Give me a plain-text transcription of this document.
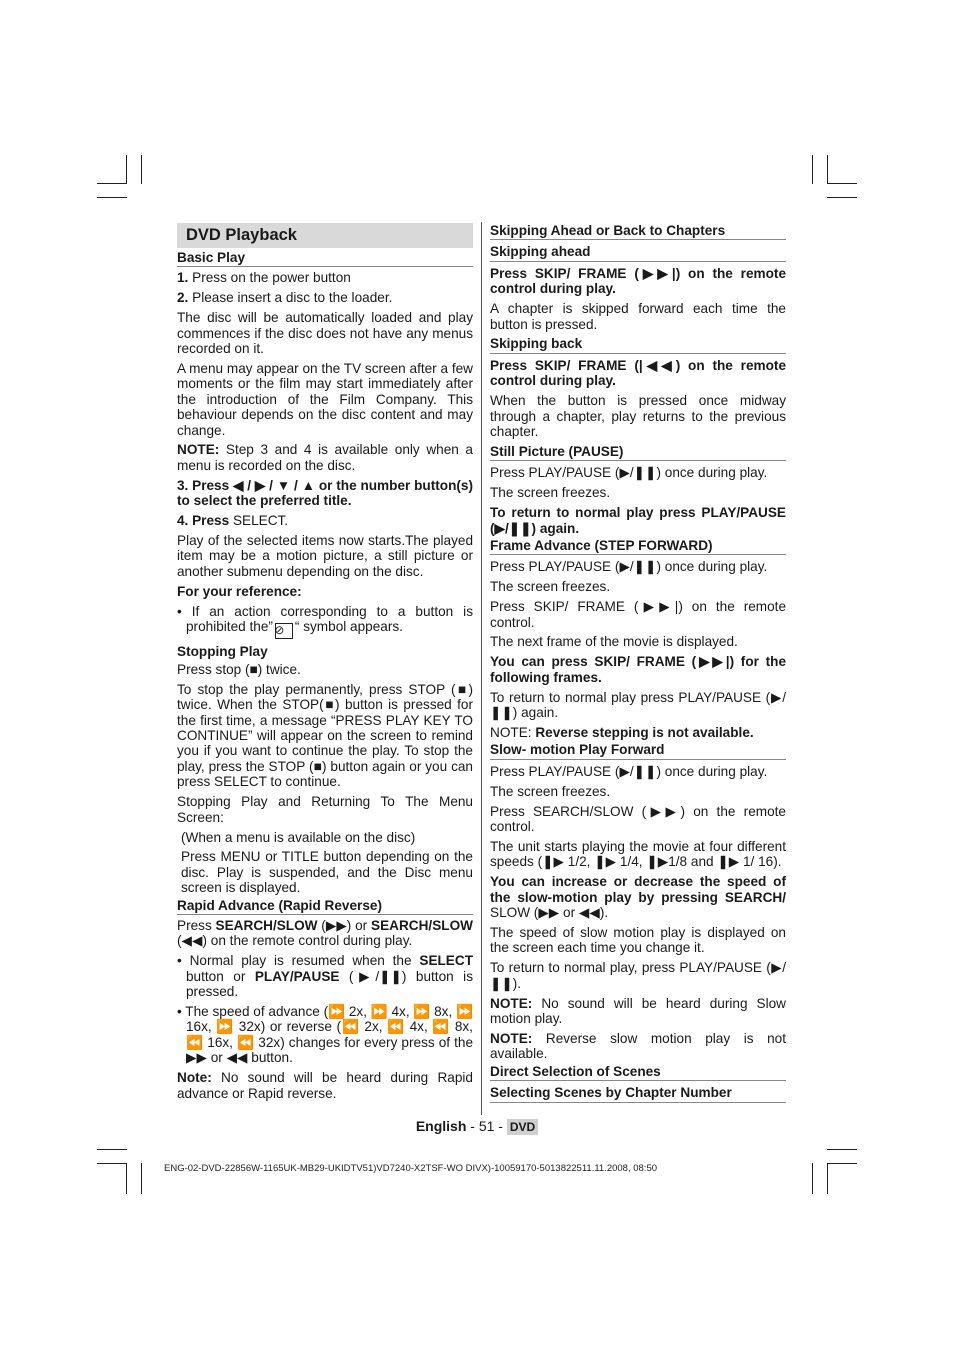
DVD Playback
Basic Play

1. Press on the power button

2. Please insert a disc to the loader.

The disc will be automatically loaded and play commences if the disc does not have any menus recorded on it.

A menu may appear on the TV screen after a few moments or the film may start immediately after the introduction of the Film Company. This behaviour depends on the disc content and may change.

NOTE: Step 3 and 4 is available only when a menu is recorded on the disc.

3. Press ◀ / ▶ / ▼ / ▲ or the number button(s) to select the preferred title.

4. Press SELECT.

Play of the selected items now starts.The played item may be a motion picture, a still picture or another submenu depending on the disc.

For your reference:

• If an action corresponding to a button is prohibited the”⊘ “ symbol appears.

Stopping Play

Press stop (■) twice.

To stop the play permanently, press STOP (■) twice. When the STOP(■) button is pressed for the first time, a message “PRESS PLAY KEY TO CONTINUE” will appear on the screen to remind you if you want to continue the play. To stop the play, press the STOP (■) button again or you can press SELECT to continue.

Stopping Play and Returning To The Menu Screen:

(When a menu is available on the disc)

Press MENU or TITLE button depending on the disc. Play is suspended, and the Disc menu screen is displayed.

Rapid Advance (Rapid Reverse)

Press SEARCH/SLOW (▶▶) or SEARCH/SLOW (◀◀) on the remote control during play.

• Normal play is resumed when the SELECT button or PLAY/PAUSE (▶/❚❚) button is pressed.

• The speed of advance (⏩ 2x, ⏩ 4x, ⏩ 8x, ⏩ 16x, ⏩ 32x) or reverse (⏪ 2x, ⏪ 4x, ⏪ 8x, ⏪ 16x, ⏪ 32x) changes for every press of the ▶▶ or ◀◀ button.

Note: No sound will be heard during Rapid advance or Rapid reverse.

Skipping Ahead or Back to Chapters
Skipping ahead

Press SKIP/ FRAME (▶▶|) on the remote control during play.

A chapter is skipped forward each time the button is pressed.

Skipping back

Press SKIP/ FRAME (|◀◀) on the remote control during play.

When the button is pressed once midway through a chapter, play returns to the previous chapter.

Still Picture (PAUSE)

Press PLAY/PAUSE (▶/❚❚) once during play.

The screen freezes.

To return to normal play press PLAY/PAUSE (▶/❚❚) again.

Frame Advance (STEP FORWARD)

Press PLAY/PAUSE (▶/❚❚) once during play.

The screen freezes.

Press SKIP/ FRAME (▶▶|) on the remote control.

The next frame of the movie is displayed.

You can press SKIP/ FRAME (▶▶|) for the following frames.

To return to normal play press PLAY/PAUSE (▶/❚❚) again.

NOTE: Reverse stepping is not available.

Slow- motion Play Forward

Press PLAY/PAUSE (▶/❚❚) once during play.

The screen freezes.

Press SEARCH/SLOW (▶▶) on the remote control.

The unit starts playing the movie at four different speeds (❚▶ 1/2, ❚▶ 1/4, ❚▶1/8 and ❚▶ 1/ 16).

You can increase or decrease the speed of the slow-motion play by pressing SEARCH/ SLOW (▶▶ or ◀◀).

The speed of slow motion play is displayed on the screen each time you change it.

To return to normal play, press PLAY/PAUSE (▶/❚❚).

NOTE: No sound will be heard during Slow motion play.

NOTE: Reverse slow motion play is not available.

Direct Selection of Scenes
Selecting Scenes by Chapter Number
English - 51 - DVD
ENG-02-DVD-22856W-1165UK-MB29-UKIDTV51)VD7240-X2TSF-WO DIVX)-10059170-5013822511.11.2008, 08:50
